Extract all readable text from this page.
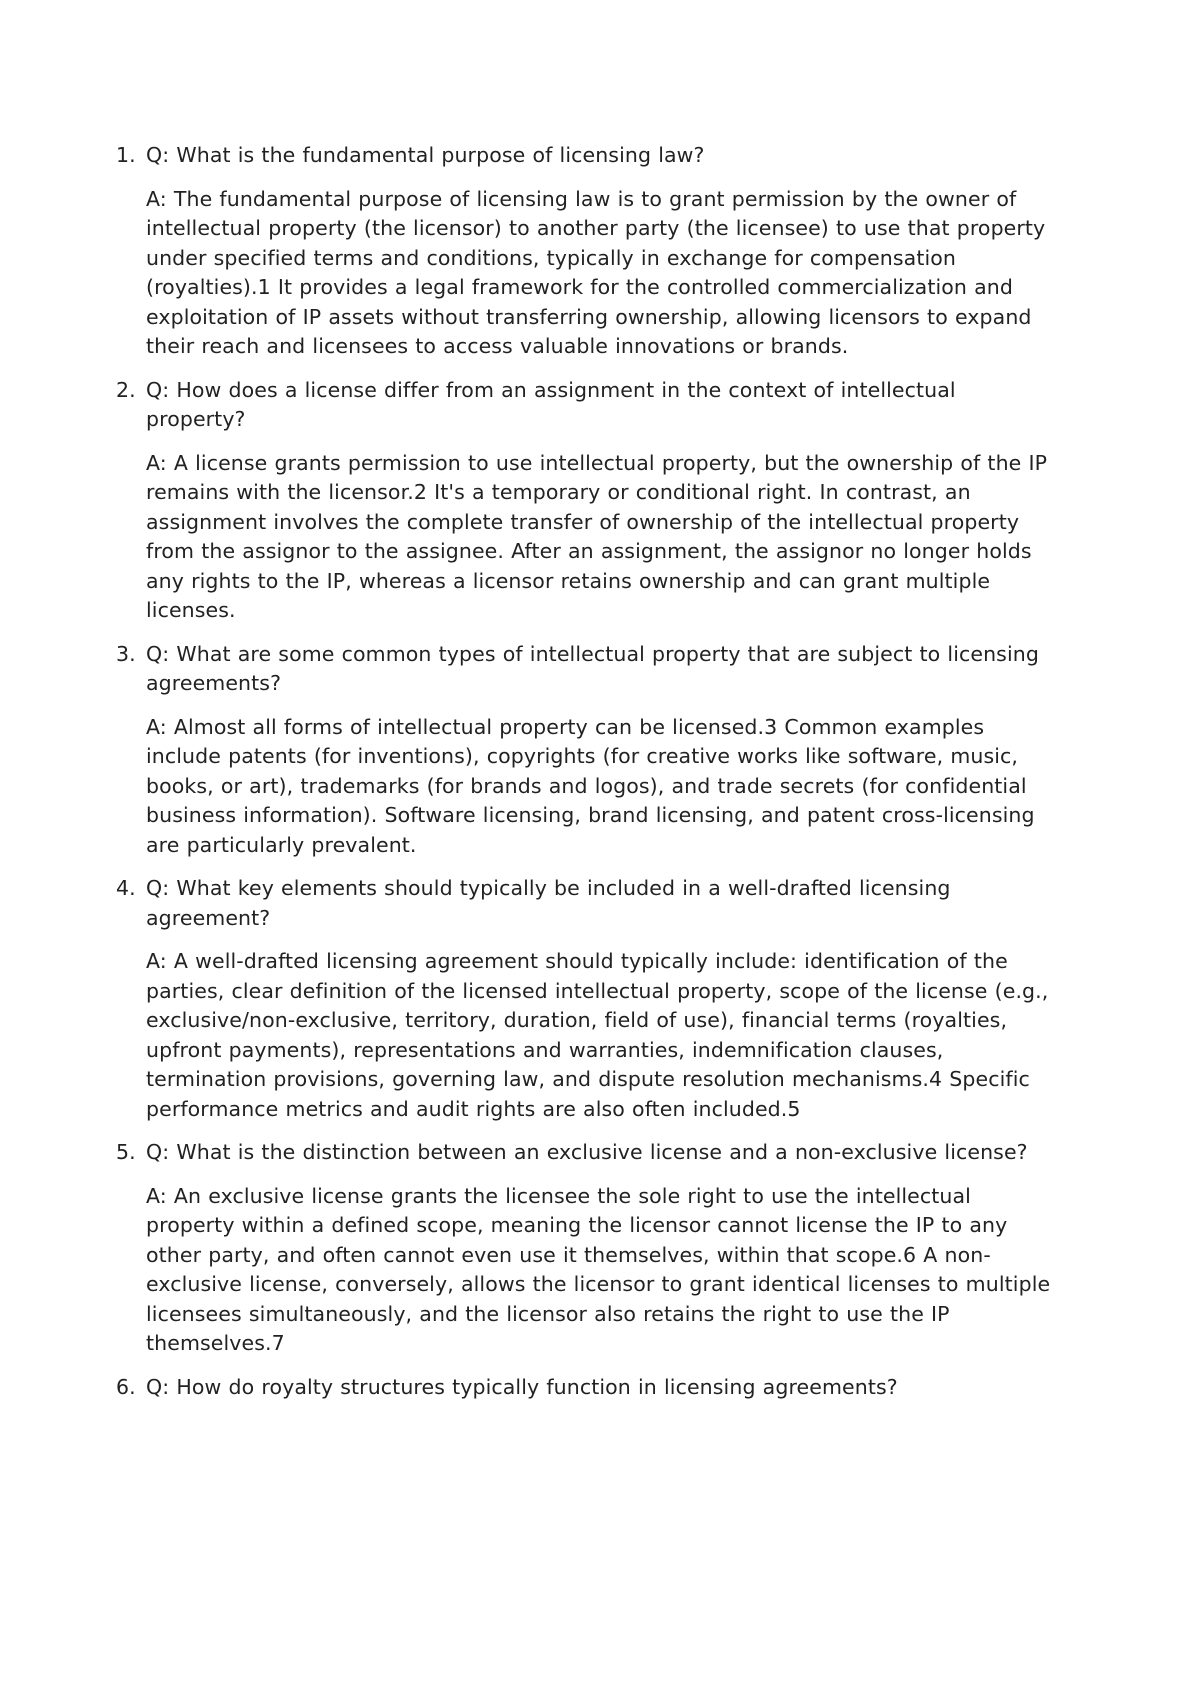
1. Q: What is the fundamental purpose of licensing law?

A: The fundamental purpose of licensing law is to grant permission by the owner of intellectual property (the licensor) to another party (the licensee) to use that property under specified terms and conditions, typically in exchange for compensation (royalties).1 It provides a legal framework for the controlled commercialization and exploitation of IP assets without transferring ownership, allowing licensors to expand their reach and licensees to access valuable innovations or brands.

2. Q: How does a license differ from an assignment in the context of intellectual property?

A: A license grants permission to use intellectual property, but the ownership of the IP remains with the licensor.2 It's a temporary or conditional right. In contrast, an assignment involves the complete transfer of ownership of the intellectual property from the assignor to the assignee. After an assignment, the assignor no longer holds any rights to the IP, whereas a licensor retains ownership and can grant multiple licenses.

3. Q: What are some common types of intellectual property that are subject to licensing agreements?

A: Almost all forms of intellectual property can be licensed.3 Common examples include patents (for inventions), copyrights (for creative works like software, music, books, or art), trademarks (for brands and logos), and trade secrets (for confidential business information). Software licensing, brand licensing, and patent cross-licensing are particularly prevalent.

4. Q: What key elements should typically be included in a well-drafted licensing agreement?

A: A well-drafted licensing agreement should typically include: identification of the parties, clear definition of the licensed intellectual property, scope of the license (e.g., exclusive/non-exclusive, territory, duration, field of use), financial terms (royalties, upfront payments), representations and warranties, indemnification clauses, termination provisions, governing law, and dispute resolution mechanisms.4 Specific performance metrics and audit rights are also often included.5

5. Q: What is the distinction between an exclusive license and a non-exclusive license?

A: An exclusive license grants the licensee the sole right to use the intellectual property within a defined scope, meaning the licensor cannot license the IP to any other party, and often cannot even use it themselves, within that scope.6 A non-exclusive license, conversely, allows the licensor to grant identical licenses to multiple licensees simultaneously, and the licensor also retains the right to use the IP themselves.7

6. Q: How do royalty structures typically function in licensing agreements?
